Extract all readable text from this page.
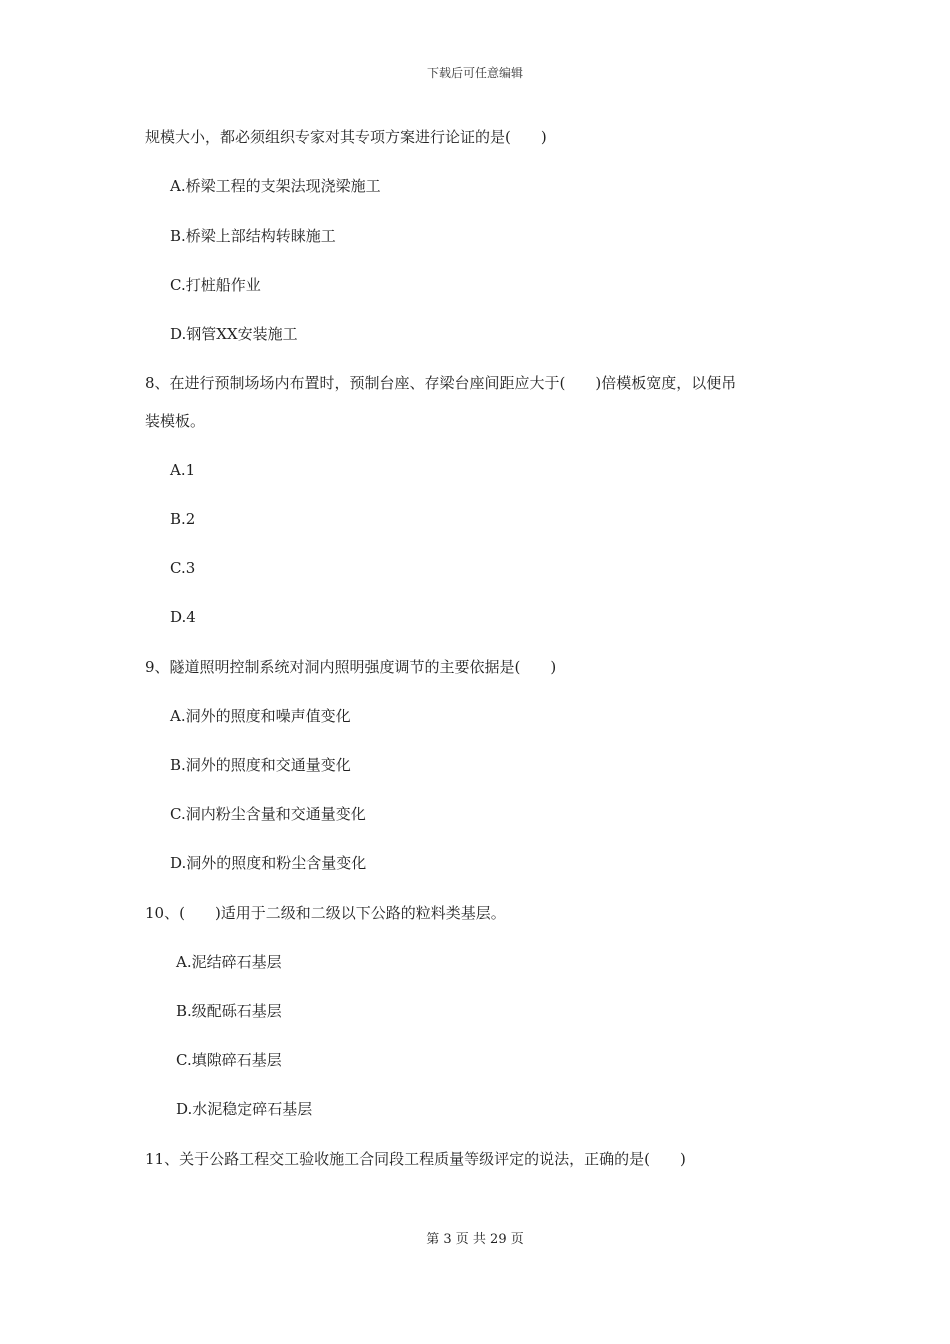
下载后可任意编辑
规模大小，都必须组织专家对其专项方案进行论证的是(　　)
A.桥梁工程的支架法现浇梁施工
B.桥梁上部结构转睐施工
C.打桩船作业
D.钢管XX安装施工
8、在进行预制场场内布置时，预制台座、存梁台座间距应大于(　　)倍模板宽度，以便吊
装模板。
A.1
B.2
C.3
D.4
9、隧道照明控制系统对洞内照明强度调节的主要依据是(　　)
A.洞外的照度和噪声值变化
B.洞外的照度和交通量变化
C.洞内粉尘含量和交通量变化
D.洞外的照度和粉尘含量变化
10、(　　)适用于二级和二级以下公路的粒料类基层。
A.泥结碎石基层
B.级配砾石基层
C.填隙碎石基层
D.水泥稳定碎石基层
11、关于公路工程交工验收施工合同段工程质量等级评定的说法，正确的是(　　)
第 3 页 共 29 页
